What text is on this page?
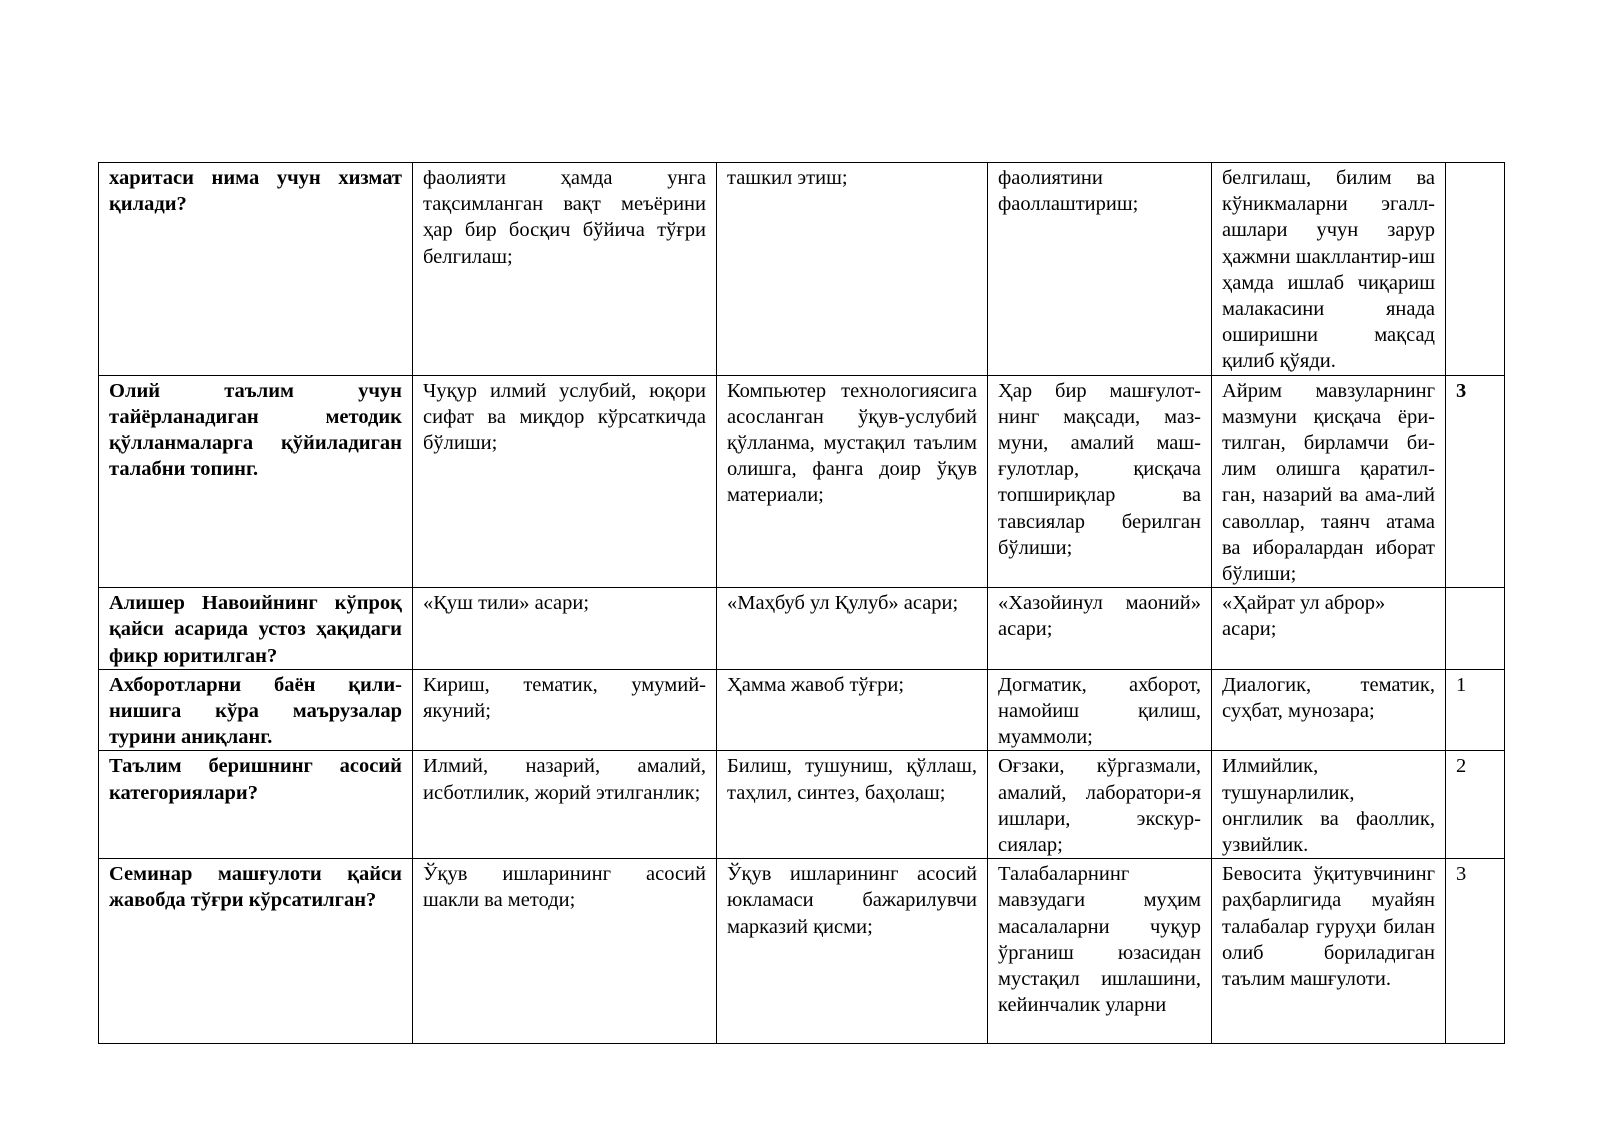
харитаси нима учун хизмат қилади?	фаолияти ҳамда унга тақсимланган вақт меъёрини ҳар бир босқич бўйича тўғри белгилаш;	ташкил этиш;	фаолиятини фаоллаштириш;	белгилаш, билим ва кўникмаларни эгалл-ашлари учун зарур ҳажмни шакллантир-иш ҳамда ишлаб чиқариш малакасини янада оширишни мақсад қилиб қўяди.	

Олий таълим учун тайёрланадиган методик қўлланмаларга қўйиладиган талабни топинг.	Чуқур илмий услубий, юқори сифат ва миқдор кўрсаткичда бўлиши;	Компьютер технологиясига асосланган ўқув-услубий қўлланма, мустақил таълим олишга, фанга доир ўқув материали;	Ҳар бир машғулот-нинг мақсади, маз-муни, амалий маш-ғулотлар, қисқача топшириқлар ва тавсиялар берилган бўлиши;	Айрим мавзуларнинг мазмуни қисқача ёри-тилган, бирламчи би-лим олишга қаратил-ган, назарий ва ама-лий саволлар, таянч атама ва иборалардан иборат бўлиши;	3

Алишер Навоийнинг кўпроқ қайси асарида устоз ҳақидаги фикр юритилган?	«Қуш тили» асари;	«Маҳбуб ул Қулуб» асари;	«Хазойинул маоний» асари;	«Ҳайрат ул аброр» асари;	

Ахборотларни баён қили-нишига кўра маърузалар турини аниқланг.	Кириш, тематик, умумий-якуний;	Ҳамма жавоб тўғри;	Догматик, ахборот, намойиш қилиш, муаммоли;	Диалогик, тематик, суҳбат, мунозара;	1

Таълим беришнинг асосий категориялари?	Илмий, назарий, амалий, исботлилик, жорий этилганлик;	Билиш, тушуниш, қўллаш, таҳлил, синтез, баҳолаш;	Оғзаки, кўргазмали, амалий, лаборатори-я ишлари, экскур-сиялар;	Илмийлик, тушунарлилик, онглилик ва фаоллик, узвийлик.	2

Семинар машғулоти қайси жавобда тўғри кўрсатилган?	Ўқув ишларининг асосий шакли ва методи;	Ўқув ишларининг асосий юкламаси бажарилувчи марказий қисми;	Талабаларнинг мавзудаги муҳим масалаларни чуқур ўрганиш юзасидан мустақил ишлашини, кейинчалик уларни	Бевосита ўқитувчининг раҳбарлигида муайян талабалар гуруҳи билан олиб бориладиган таълим машғулоти.	3
